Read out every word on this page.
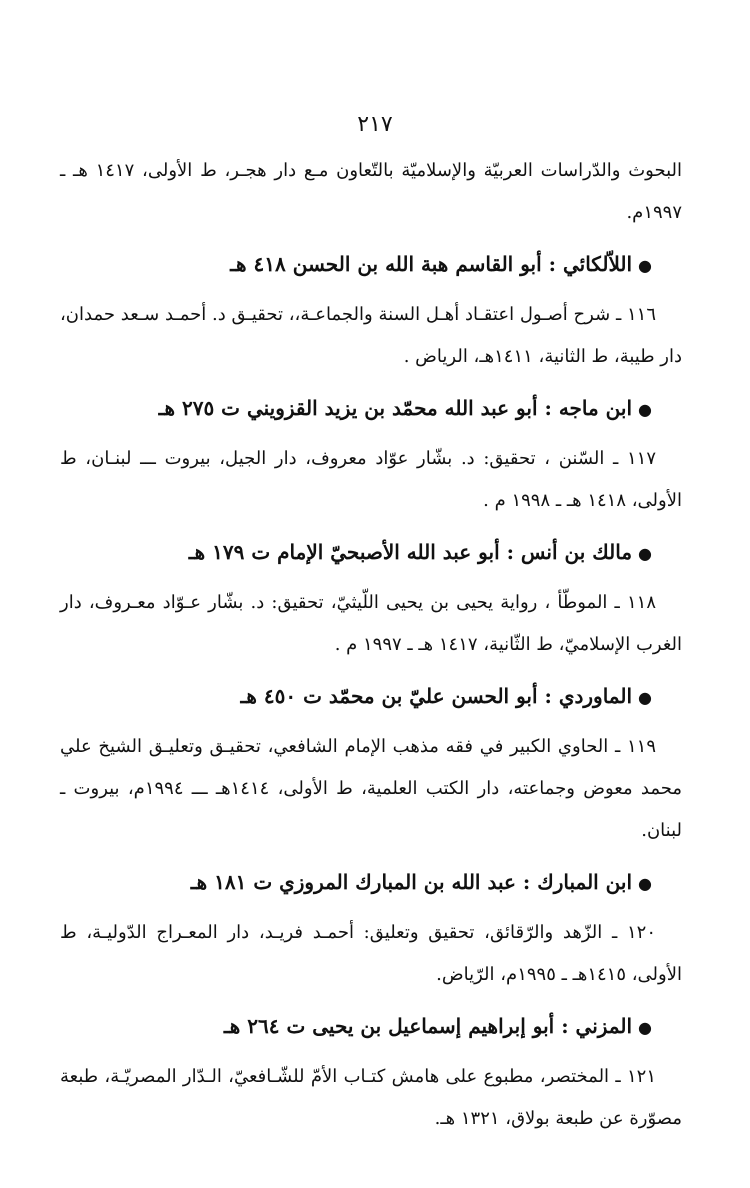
٢١٧

البحوث والدّراسات العربيّة والإسلاميّة بالتّعاون مـع دار هجـر، ط الأولى، ١٤١٧ هـ ـ ١٩٩٧م.

●اللاّلكائي : أبو القاسم هبة الله بن الحسن ٤١٨ هـ

١١٦ ـ شرح أصـول اعتقـاد أهـل السنة والجماعـة،، تحقيـق د. أحمـد سـعد حمدان، دار طيبة، ط الثانية، ١٤١١هـ، الرياض .

●ابن ماجه : أبو عبد الله محمّد بن يزيد القزويني ت ٢٧٥ هـ

١١٧ ـ السّنن ، تحقيق: د. بشّار عوّاد معروف، دار الجيل، بيروت ـــ لبنـان، ط الأولى، ١٤١٨ هـ ـ ١٩٩٨ م .

●مالك بن أنس : أبو عبد الله الأصبحيّ الإمام ت ١٧٩ هـ

١١٨ ـ الموطّأ ، رواية يحيى بن يحيى اللّيثيّ، تحقيق: د. بشّار عـوّاد معـروف، دار الغرب الإسلاميّ، ط الثّانية، ١٤١٧ هـ ـ ١٩٩٧ م .

●الماوردي : أبو الحسن عليّ بن محمّد ت ٤٥٠ هـ

١١٩ ـ الحاوي الكبير في فقه مذهب الإمام الشافعي، تحقيـق وتعليـق الشيخ علي محمد معوض وجماعته، دار الكتب العلمية، ط الأولى، ١٤١٤هـ ـــ ١٩٩٤م، بيروت ـ لبنان.

●ابن المبارك : عبد الله بن المبارك المروزي ت ١٨١ هـ

١٢٠ ـ الزّهد والرّقائق، تحقيق وتعليق: أحمـد فريـد، دار المعـراج الدّوليـة، ط الأولى، ١٤١٥هـ ـ ١٩٩٥م، الرّياض.

●المزني : أبو إبراهيم إسماعيل بن يحيى ت ٢٦٤ هـ

١٢١ ـ المختصر، مطبوع على هامش كتـاب الأمّ للشّـافعيّ، الـدّار المصريّـة، طبعة مصوّرة عن طبعة بولاق، ١٣٢١ هـ.
